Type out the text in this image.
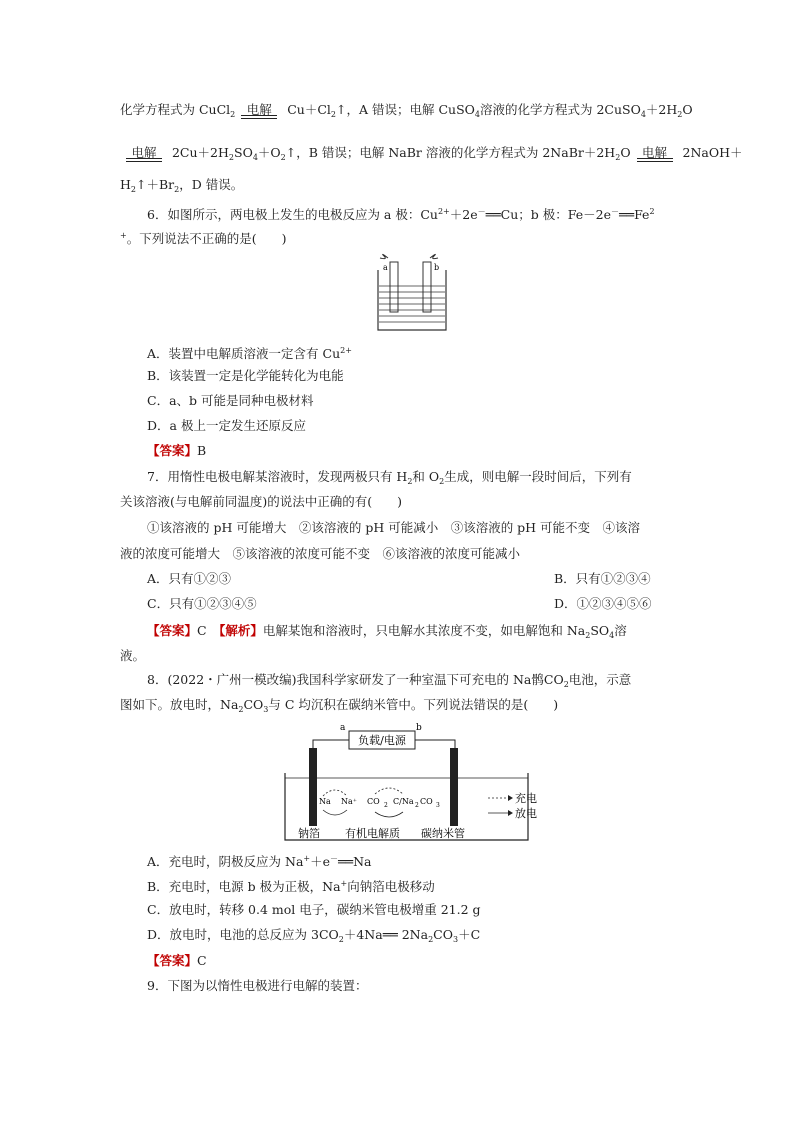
化学方程式为 CuCl$_2$ 电解 $Cu+Cl_2↑$，A 错误；电解 CuSO$_4$溶液的化学方程式为 $2CuSO_4+2H_2O$
电解 $2Cu+2H_2SO_4+O_2↑$，B 错误；电解 NaBr 溶液的化学方程式为 $2NaBr+2H_2O$ 电解 2NaOH＋
$H_2↑+Br_2$，D 错误。
6．如图所示，两电极上发生的电极反应为 a 极：$Cu^{2+}+2e^-══Cu$；b 极：$Fe-2e^-══Fe^2$
+。下列说法不正确的是(　　)
a	b
A．装置中电解质溶液一定含有 $Cu^{2+}$
B．该装置一定是化学能转化为电能
C．a、b 可能是同种电极材料
D．a 极上一定发生还原反应
【答案】B
7．用惰性电极电解某溶液时，发现两极只有 $H_2$和 $O_2$生成，则电解一段时间后，下列有
关该溶液(与电解前同温度)的说法中正确的有(　　)
①该溶液的 pH 可能增大　②该溶液的 pH 可能减小　③该溶液的 pH 可能不变　④该溶
液的浓度可能增大　⑤该溶液的浓度可能不变　⑥该溶液的浓度可能减小
A．只有①②③	B．只有①②③④
C．只有①②③④⑤	D．①②③④⑤⑥
【答案】C　 【解析】电解某饱和溶液时，只电解水其浓度不变，如电解饱和 $Na_2SO_4$溶
液。
8．(2022・广州一模改编)我国科学家研发了一种室温下可充电的 Na鹘$CO_2$电池，示意
图如下。放电时，$Na_2CO_3$与 C 均沉积在碳纳米管中。下列说法错误的是(　　)
a	b
负载/电源
Na Na⁺ CO 2 C/Na 2 CO 3
充电
放电
钠箔 有机电解质 碳纳米管
A．充电时，阴极反应为 Na+＋e－══Na
B．充电时，电源 b 极为正极，Na+向钠箔电极移动
C．放电时，转移 0.4 mol 电子，碳纳米管电极增重 21.2 g
D．放电时，电池的总反应为 $3CO_2+4Na══$ $2Na_2CO_3+C$
【答案】C
9．下图为以惰性电极进行电解的装置：
